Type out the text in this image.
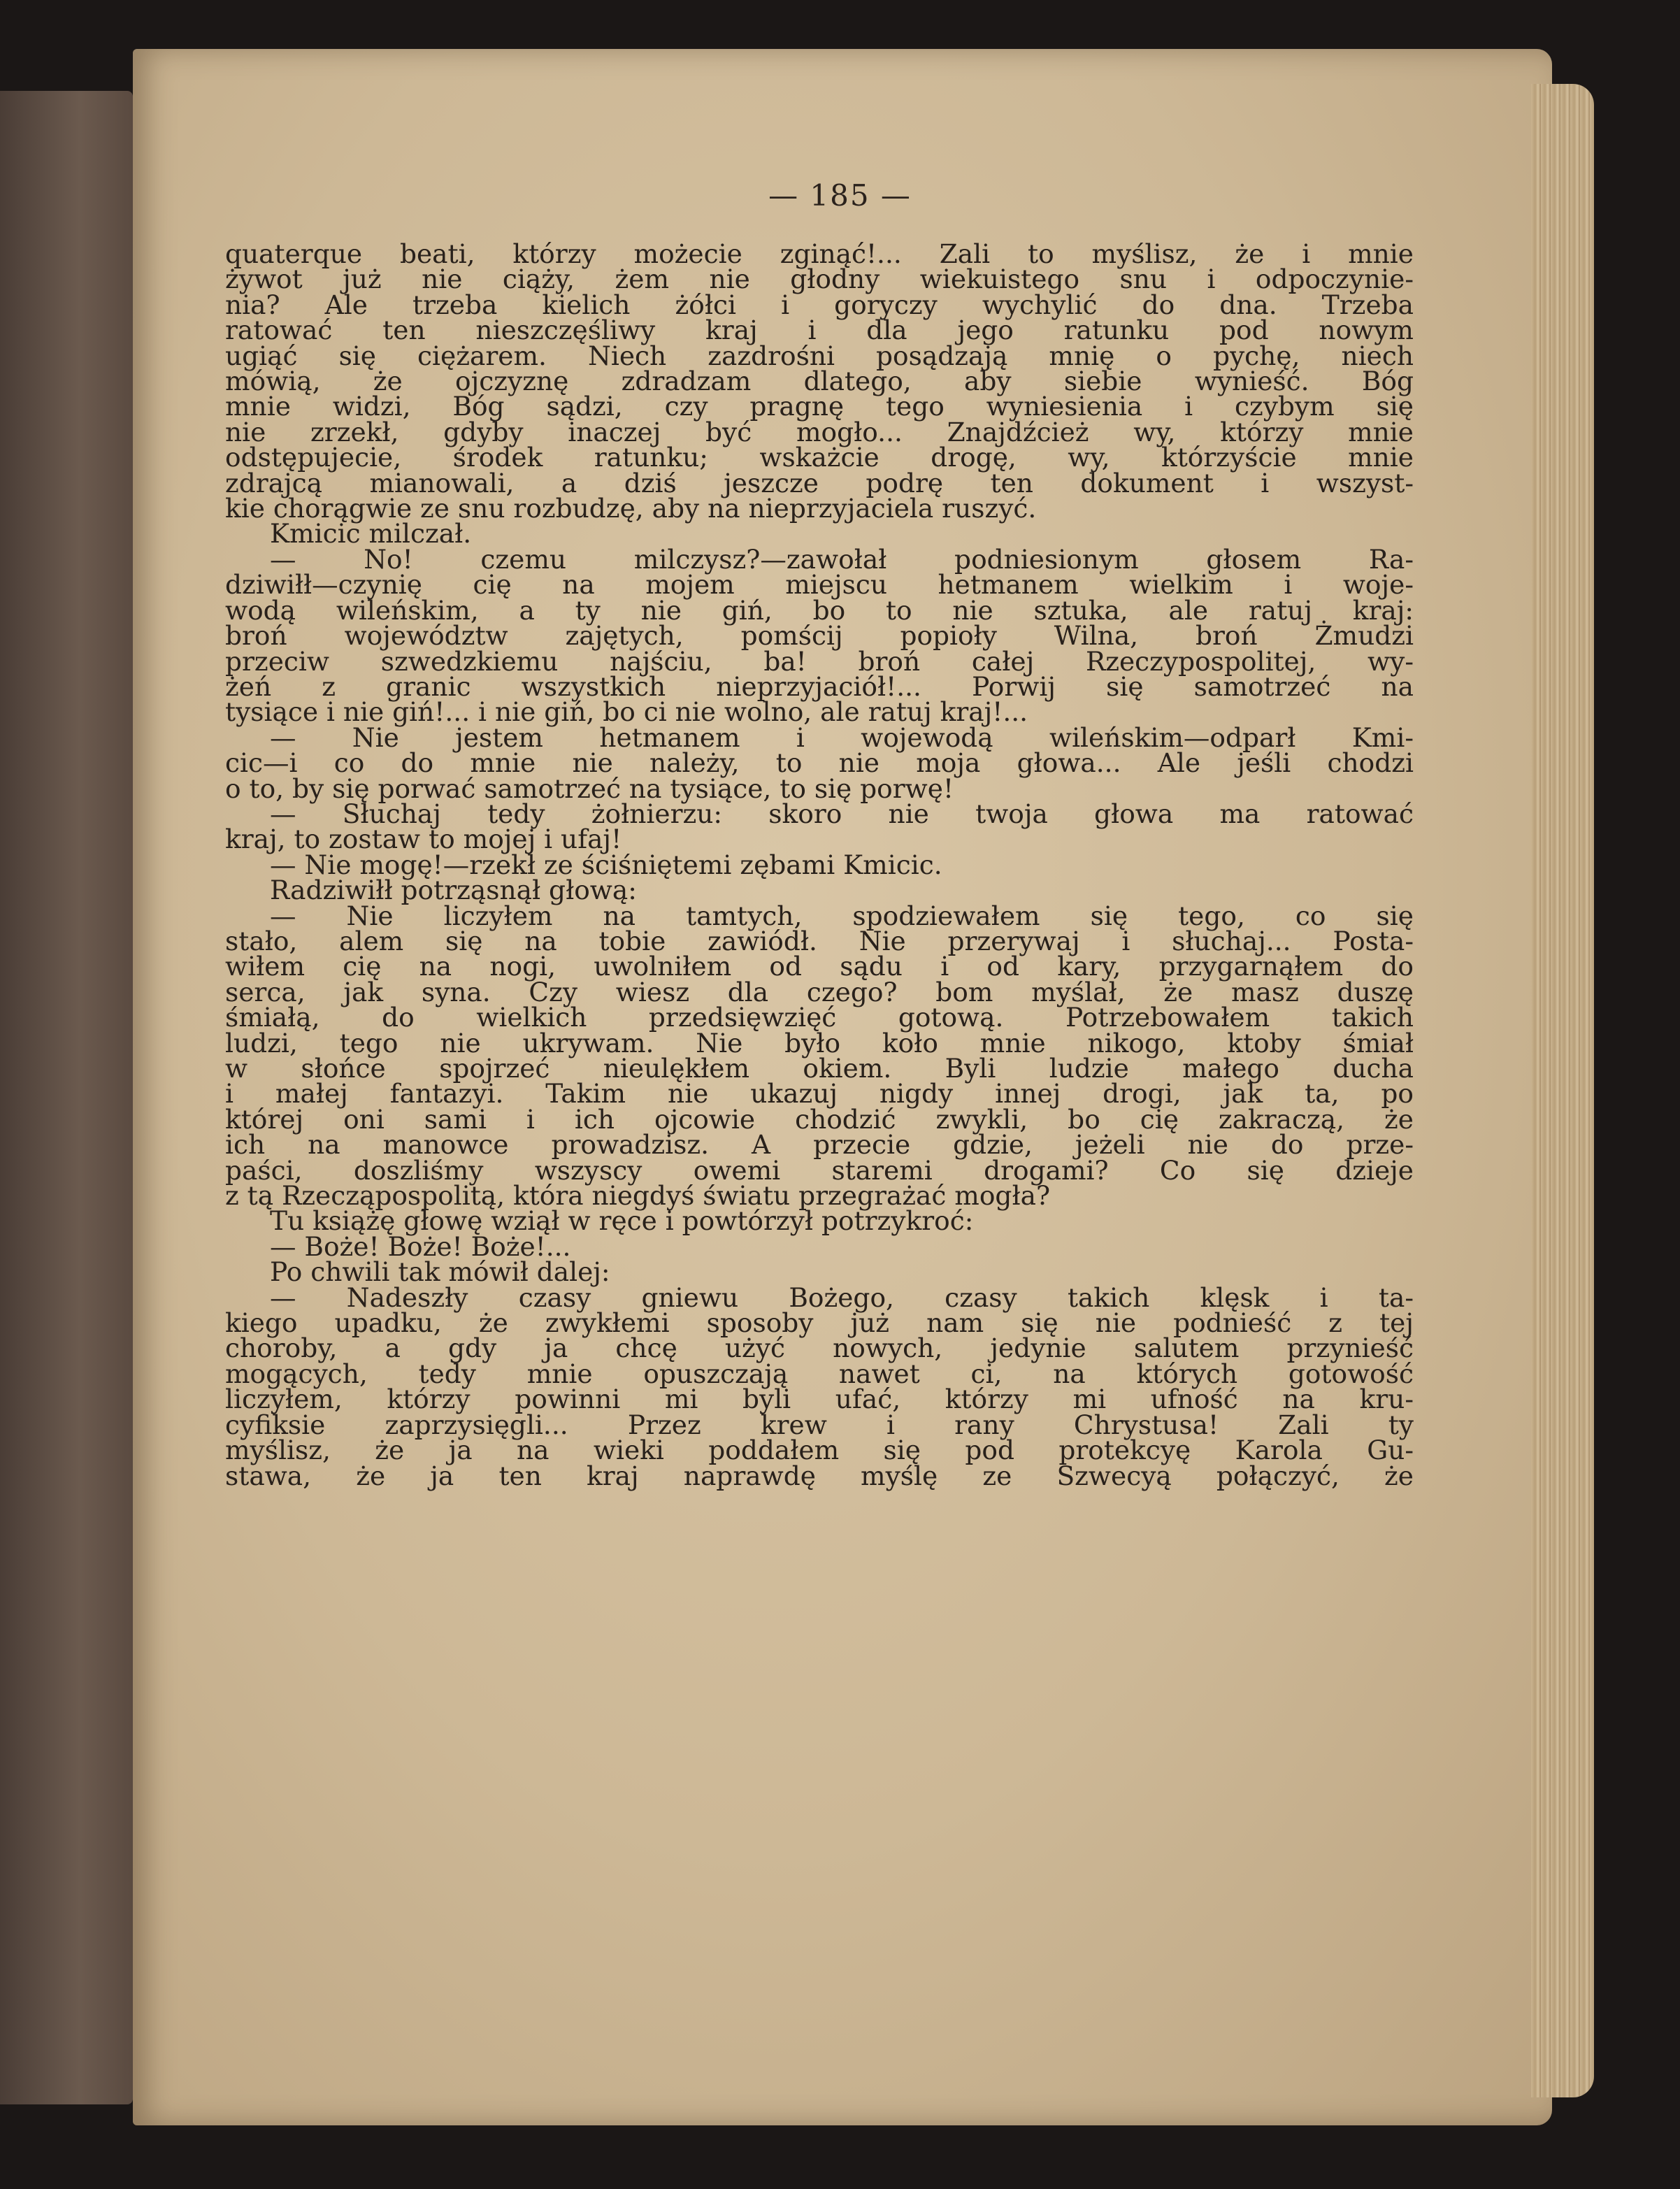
— 185 —
quaterque beati, którzy możecie zginąć!... Zali to myślisz, że i mnie
żywot już nie ciąży, żem nie głodny wiekuistego snu i odpoczynie-
nia? Ale trzeba kielich żółci i goryczy wychylić do dna. Trzeba
ratować ten nieszczęśliwy kraj i dla jego ratunku pod nowym
ugiąć się ciężarem. Niech zazdrośni posądzają mnię o pychę, niech
mówią, że ojczyznę zdradzam dlatego, aby siebie wynieść. Bóg
mnie widzi, Bóg sądzi, czy pragnę tego wyniesienia i czybym się
nie zrzekł, gdyby inaczej być mogło... Znajdźcież wy, którzy mnie
odstępujecie, środek ratunku; wskażcie drogę, wy, którzyście mnie
zdrajcą mianowali, a dziś jeszcze podrę ten dokument i wszyst-
kie chorągwie ze snu rozbudzę, aby na nieprzyjaciela ruszyć.
Kmicic milczał.
— No! czemu milczysz?—zawołał podniesionym głosem Ra-
dziwiłł—czynię cię na mojem miejscu hetmanem wielkim i woje-
wodą wileńskim, a ty nie giń, bo to nie sztuka, ale ratuj kraj:
broń województw zajętych, pomścij popioły Wilna, broń Żmudzi
przeciw szwedzkiemu najściu, ba! broń całej Rzeczypospolitej, wy-
żeń z granic wszystkich nieprzyjaciół!... Porwij się samotrzeć na
tysiące i nie giń!... i nie giń, bo ci nie wolno, ale ratuj kraj!...
— Nie jestem hetmanem i wojewodą wileńskim—odparł Kmi-
cic—i co do mnie nie należy, to nie moja głowa... Ale jeśli chodzi
o to, by się porwać samotrzeć na tysiące, to się porwę!
— Słuchaj tedy żołnierzu: skoro nie twoja głowa ma ratować
kraj, to zostaw to mojej i ufaj!
— Nie mogę!—rzekł ze ściśniętemi zębami Kmicic.
Radziwiłł potrząsnął głową:
— Nie liczyłem na tamtych, spodziewałem się tego, co się
stało, alem się na tobie zawiódł. Nie przerywaj i słuchaj... Posta-
wiłem cię na nogi, uwolniłem od sądu i od kary, przygarnąłem do
serca, jak syna. Czy wiesz dla czego? bom myślał, że masz duszę
śmiałą, do wielkich przedsięwzięć gotową. Potrzebowałem takich
ludzi, tego nie ukrywam. Nie było koło mnie nikogo, ktoby śmiał
w słońce spojrzeć nieulękłem okiem. Byli ludzie małego ducha
i małej fantazyi. Takim nie ukazuj nigdy innej drogi, jak ta, po
której oni sami i ich ojcowie chodzić zwykli, bo cię zakraczą, że
ich na manowce prowadzisz. A przecie gdzie, jeżeli nie do prze-
paści, doszliśmy wszyscy owemi staremi drogami? Co się dzieje
z tą Rzecząpospolitą, która niegdyś światu przegrażać mogła?
Tu książę głowę wziął w ręce i powtórzył potrzykroć:
— Boże! Boże! Boże!...
Po chwili tak mówił dalej:
— Nadeszły czasy gniewu Bożego, czasy takich klęsk i ta-
kiego upadku, że zwykłemi sposoby już nam się nie podnieść z tej
choroby, a gdy ja chcę użyć nowych, jedynie salutem przynieść
mogących, tedy mnie opuszczają nawet ci, na których gotowość
liczyłem, którzy powinni mi byli ufać, którzy mi ufność na kru-
cyfiksie zaprzysięgli... Przez krew i rany Chrystusa! Zali ty
myślisz, że ja na wieki poddałem się pod protekcyę Karola Gu-
stawa, że ja ten kraj naprawdę myślę ze Szwecyą połączyć, że
